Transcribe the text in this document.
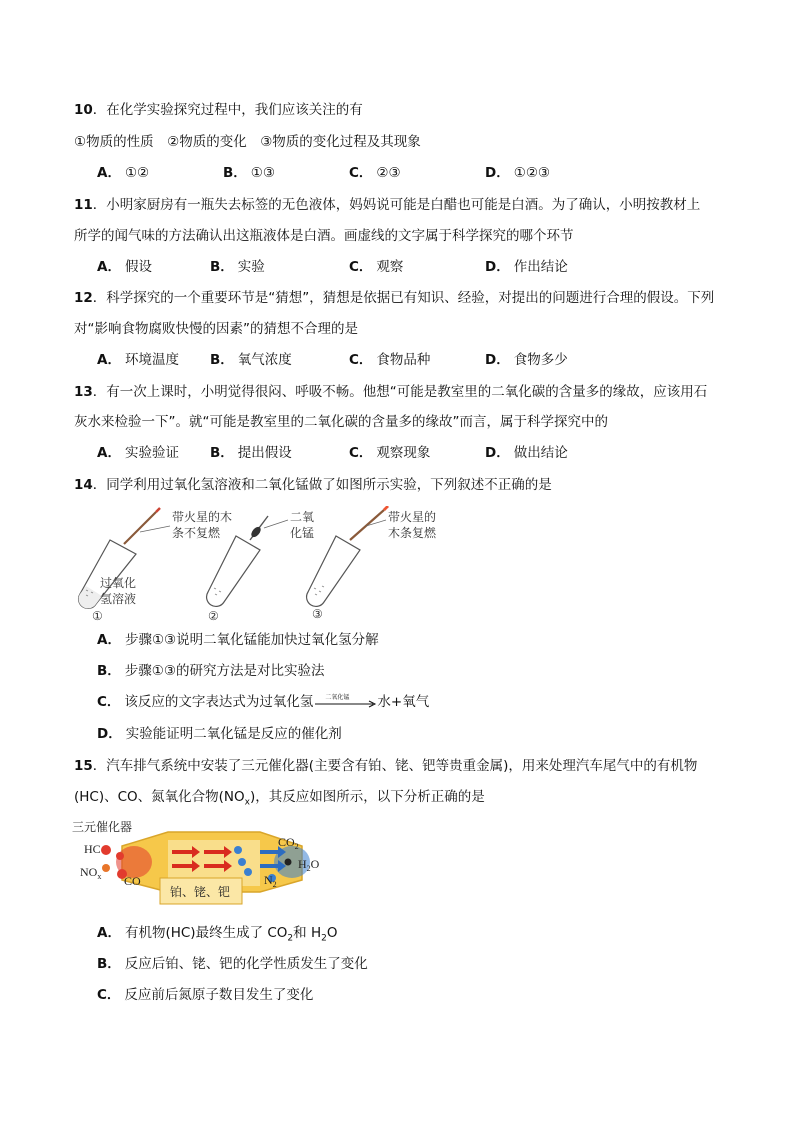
10．在化学实验探究过程中，我们应该关注的有
①物质的性质　②物质的变化　③物质的变化过程及其现象
A． ①②	B． ①③	C． ②③	D． ①②③
11．小明家厨房有一瓶失去标签的无色液体，妈妈说可能是白醋也可能是白酒。为了确认，小明按教材上
所学的闻气味的方法确认出这瓶液体是白酒。画虚线的文字属于科学探究的哪个环节
A． 假设	B． 实验	C． 观察	D． 作出结论
12．科学探究的一个重要环节是“猜想”，猜想是依据已有知识、经验，对提出的问题进行合理的假设。下列
对“影响食物腐败快慢的因素”的猜想不合理的是
A． 环境温度 B． 氧气浓度	C． 食物品种	D． 食物多少
13．有一次上课时，小明觉得很闷、呼吸不畅。他想“可能是教室里的二氧化碳的含量多的缘故，应该用石
灰水来检验一下”。就“可能是教室里的二氧化碳的含量多的缘故”而言，属于科学探究中的
A． 实验验证 B． 提出假设	C． 观察现象	D． 做出结论
14．同学利用过氧化氢溶液和二氧化锰做了如图所示实验，下列叙述不正确的是
带火星的木
条不复燃
过氧化
氢溶液
①
二氧
化锰
②
带火星的
木条复燃
③
A． 步骤①③说明二氧化锰能加快过氧化氢分解
B． 步骤①③的研究方法是对比实验法
C． 该反应的文字表达式为过氧化氢 二氧化锰 水+氧气
D． 实验能证明二氧化锰是反应的催化剂
15．汽车排气系统中安装了三元催化器(主要含有铂、铑、钯等贵重金属)，用来处理汽车尾气中的有机物
(HC)、CO、氮氧化合物$(NO_x)$，其反应如图所示，以下分析正确的是
三元催化器
HC
$NO_x$ CO
$CO_2$
$H_2O$
$N_2$
铂、铑、钯
A． 有机物(HC)最终生成了 $CO_2$和 $H_2O$
B． 反应后铂、铑、钯的化学性质发生了变化
C． 反应前后氮原子数目发生了变化
